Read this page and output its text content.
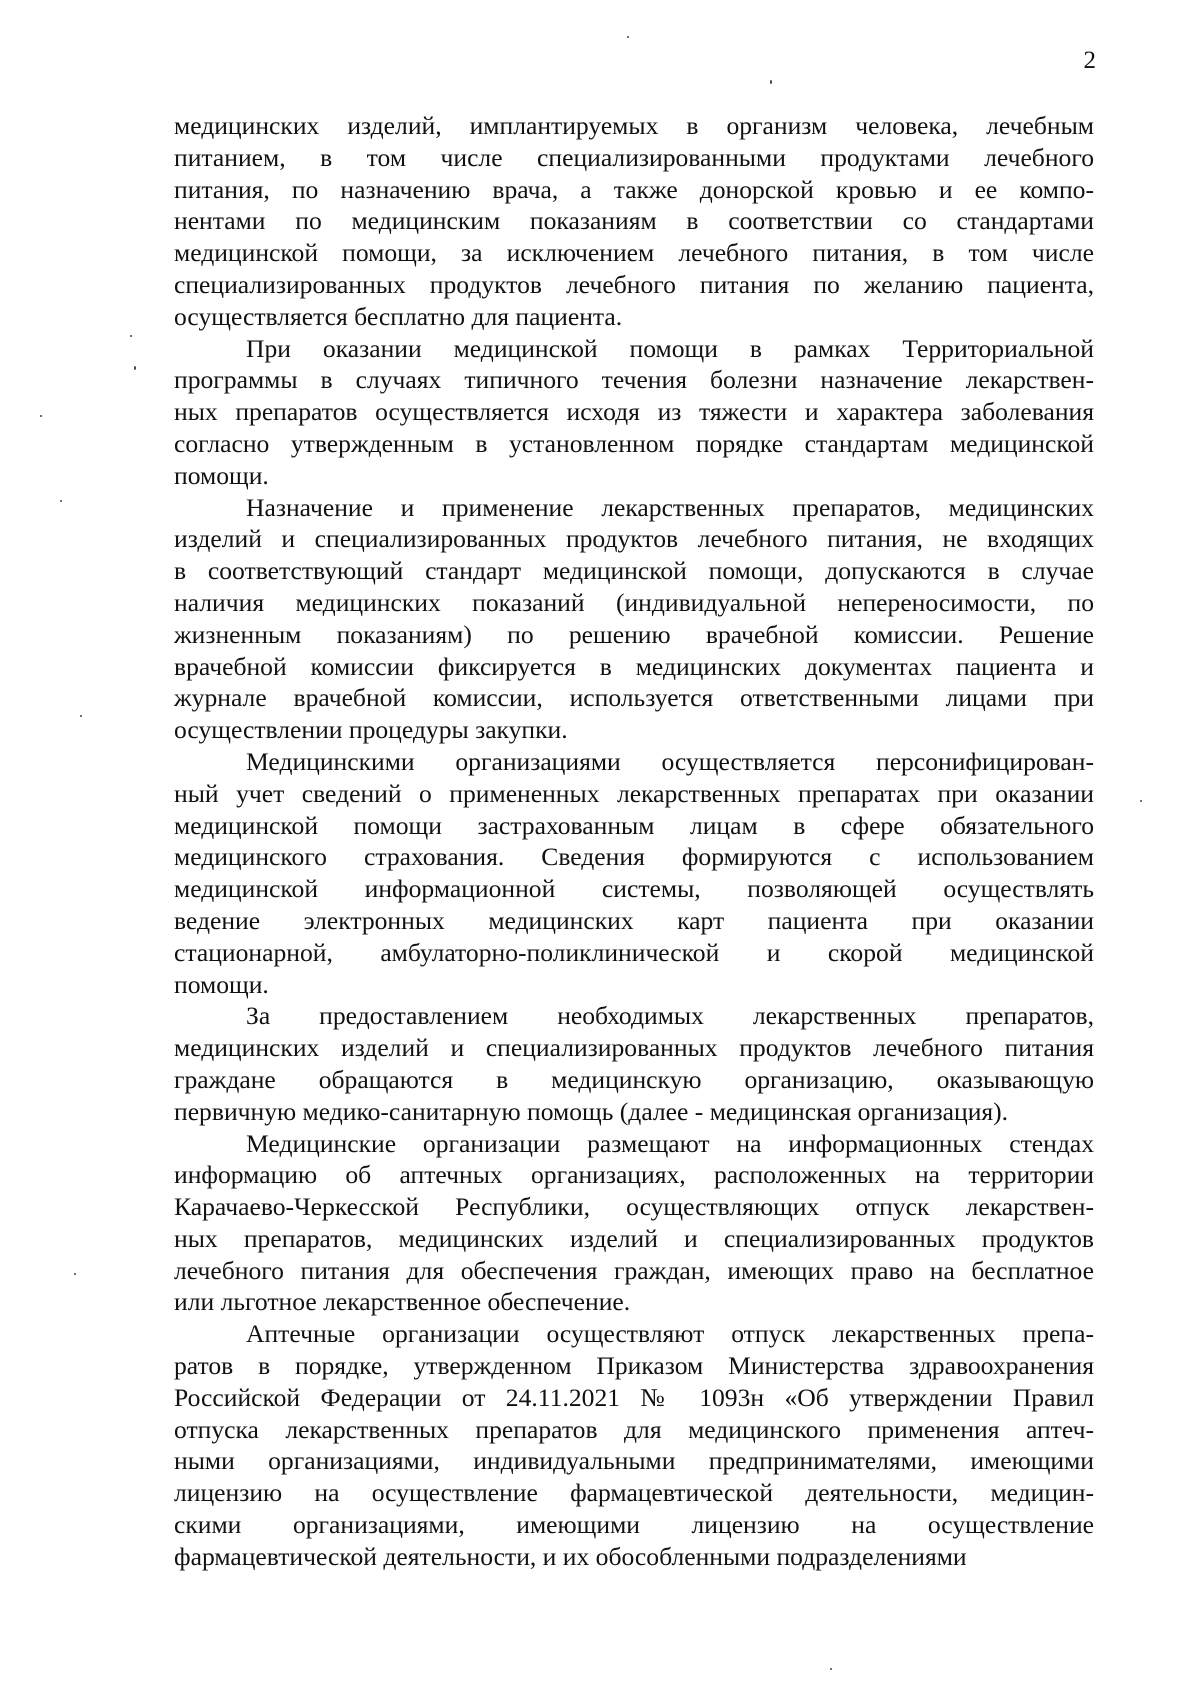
2
медицинских изделий, имплантируемых в организм человека, лечебным
питанием, в том числе специализированными продуктами лечебного
питания, по назначению врача, а также донорской кровью и ее компо-
нентами по медицинским показаниям в соответствии со стандартами
медицинской помощи, за исключением лечебного питания, в том числе
специализированных продуктов лечебного питания по желанию пациента,
осуществляется бесплатно для пациента.
При оказании медицинской помощи в рамках Территориальной
программы в случаях типичного течения болезни назначение лекарствен-
ных препаратов осуществляется исходя из тяжести и характера заболевания
согласно утвержденным в установленном порядке стандартам медицинской
помощи.
Назначение и применение лекарственных препаратов, медицинских
изделий и специализированных продуктов лечебного питания, не входящих
в соответствующий стандарт медицинской помощи, допускаются в случае
наличия медицинских показаний (индивидуальной непереносимости, по
жизненным показаниям) по решению врачебной комиссии. Решение
врачебной комиссии фиксируется в медицинских документах пациента и
журнале врачебной комиссии, используется ответственными лицами при
осуществлении процедуры закупки.
Медицинскими организациями осуществляется персонифицирован-
ный учет сведений о примененных лекарственных препаратах при оказании
медицинской помощи застрахованным лицам в сфере обязательного
медицинского страхования. Сведения формируются с использованием
медицинской информационной системы, позволяющей осуществлять
ведение электронных медицинских карт пациента при оказании
стационарной, амбулаторно-поликлинической и скорой медицинской
помощи.
За предоставлением необходимых лекарственных препаратов,
медицинских изделий и специализированных продуктов лечебного питания
граждане обращаются в медицинскую организацию, оказывающую
первичную медико-санитарную помощь (далее - медицинская организация).
Медицинские организации размещают на информационных стендах
информацию об аптечных организациях, расположенных на территории
Карачаево-Черкесской Республики, осуществляющих отпуск лекарствен-
ных препаратов, медицинских изделий и специализированных продуктов
лечебного питания для обеспечения граждан, имеющих право на бесплатное
или льготное лекарственное обеспечение.
Аптечные организации осуществляют отпуск лекарственных препа-
ратов в порядке, утвержденном Приказом Министерства здравоохранения
Российской Федерации от 24.11.2021 № 1093н «Об утверждении Правил
отпуска лекарственных препаратов для медицинского применения аптеч-
ными организациями, индивидуальными предпринимателями, имеющими
лицензию на осуществление фармацевтической деятельности, медицин-
скими организациями, имеющими лицензию на осуществление
фармацевтической деятельности, и их обособленными подразделениями
